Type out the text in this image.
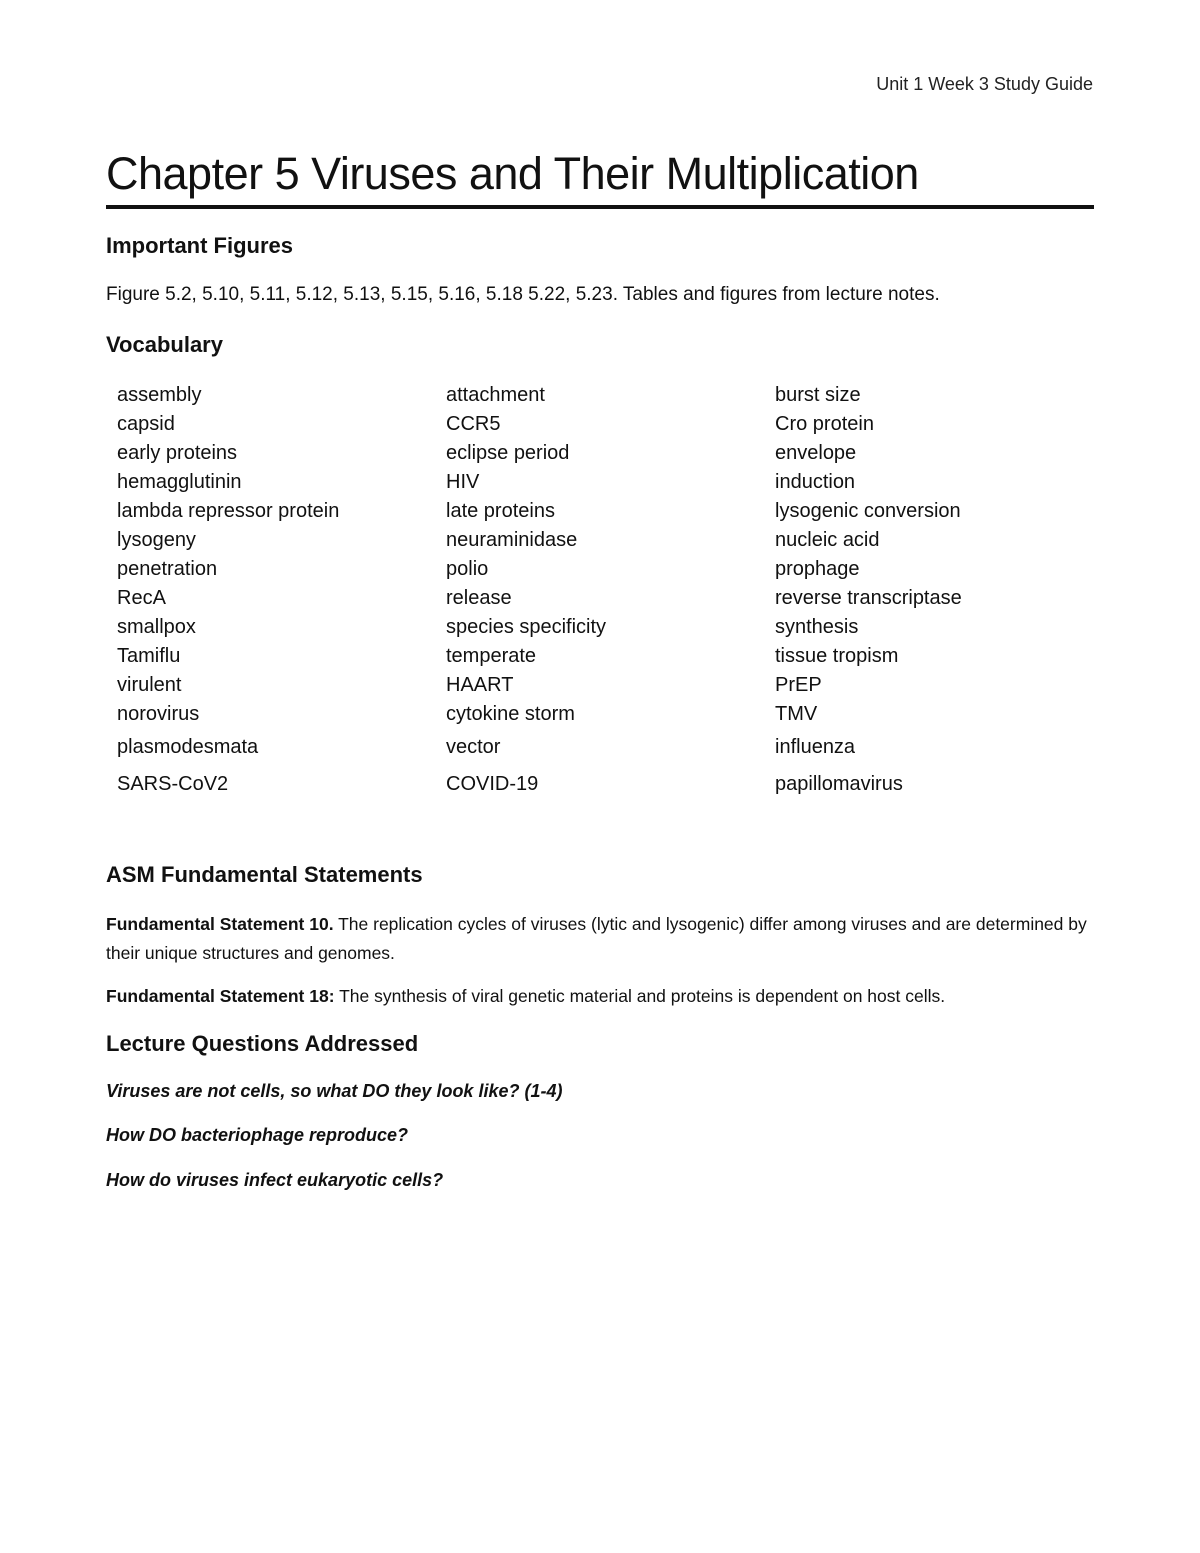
Unit 1 Week 3 Study Guide
Chapter 5 Viruses and Their Multiplication
Important Figures
Figure 5.2, 5.10, 5.11, 5.12, 5.13, 5.15, 5.16, 5.18 5.22, 5.23. Tables and figures from lecture notes.
Vocabulary
assembly	attachment	burst size
capsid	CCR5	Cro protein
early proteins	eclipse period	envelope
hemagglutinin	HIV	induction
lambda repressor protein	late proteins	lysogenic conversion
lysogeny	neuraminidase	nucleic acid
penetration	polio	prophage
RecA	release	reverse transcriptase
smallpox	species specificity	synthesis
Tamiflu	temperate	tissue tropism
virulent	HAART	PrEP
norovirus	cytokine storm	TMV
plasmodesmata	vector	influenza
SARS-CoV2	COVID-19	papillomavirus
ASM Fundamental Statements
Fundamental Statement 10. The replication cycles of viruses (lytic and lysogenic) differ among viruses and are determined by their unique structures and genomes.
Fundamental Statement 18: The synthesis of viral genetic material and proteins is dependent on host cells.
Lecture Questions Addressed
Viruses are not cells, so what DO they look like? (1-4)
How DO bacteriophage reproduce?
How do viruses infect eukaryotic cells?
